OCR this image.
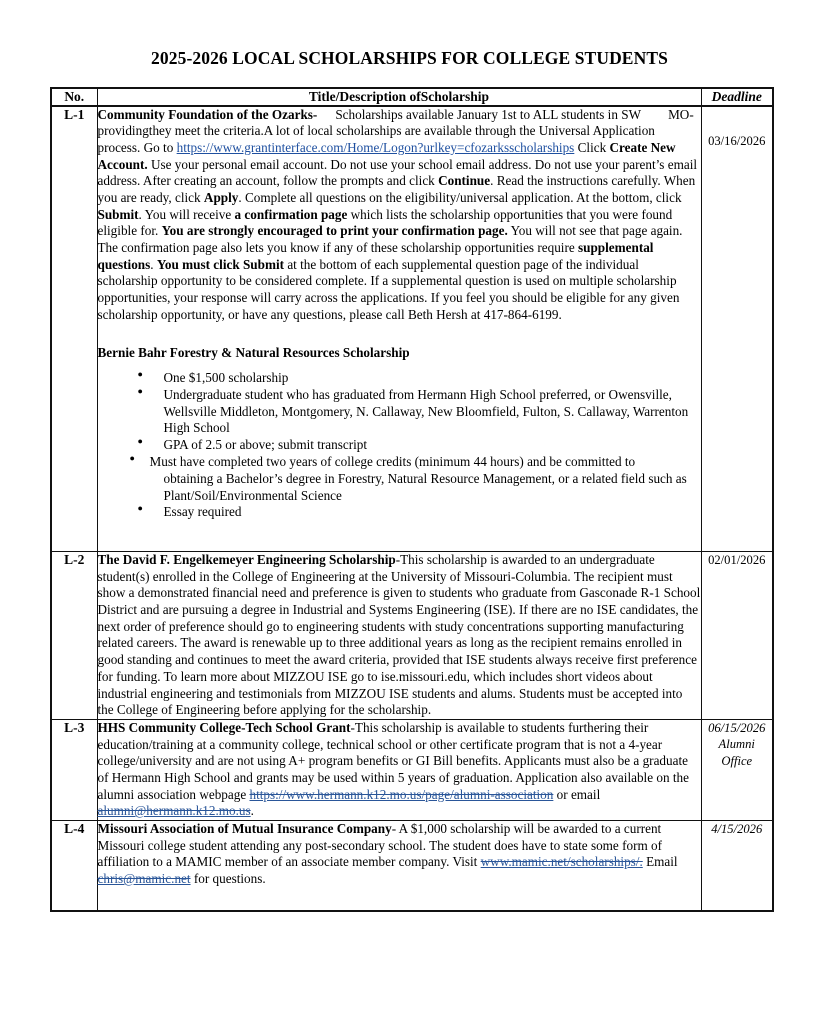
2025-2026 LOCAL SCHOLARSHIPS FOR COLLEGE STUDENTS
No.	Title/Description ofScholarship	Deadline
L-1	Community Foundation of the Ozarks- Scholarships available January 1st to ALL students in SW MO-providingthey meet the criteria.A lot of local scholarships are available through the Universal Application process. Go to https://www.grantinterface.com/Home/Logon?urlkey=cfozarksscholarships Click Create New Account. Use your personal email account. Do not use your school email address. Do not use your parent’s email address. After creating an account, follow the prompts and click Continue. Read the instructions carefully. When you are ready, click Apply. Complete all questions on the eligibility/universal application. At the bottom, click Submit. You will receive a confirmation page which lists the scholarship opportunities that you were found eligible for. You are strongly encouraged to print your confirmation page. You will not see that page again. The confirmation page also lets you know if any of these scholarship opportunities require supplemental questions. You must click Submit at the bottom of each supplemental question page of the individual scholarship opportunity to be considered complete. If a supplemental question is used on multiple scholarship opportunities, your response will carry across the applications. If you feel you should be eligible for any given scholarship opportunity, or have any questions, please call Beth Hersh at 417-864-6199.
Bernie Bahr Forestry & Natural Resources Scholarship
● One $1,500 scholarship
● Undergraduate student who has graduated from Hermann High School preferred, or Owensville, Wellsville Middleton, Montgomery, N. Callaway, New Bloomfield, Fulton, S. Callaway, Warrenton High School
● GPA of 2.5 or above; submit transcript
● Must have completed two years of college credits (minimum 44 hours) and be committed to
obtaining a Bachelor’s degree in Forestry, Natural Resource Management, or a related field such as Plant/Soil/Environmental Science
● Essay required
	03/16/2026
L-2	The David F. Engelkemeyer Engineering Scholarship-This scholarship is awarded to an undergraduate student(s) enrolled in the College of Engineering at the University of Missouri-Columbia. The recipient must show a demonstrated financial need and preference is given to students who graduate from Gasconade R-1 School District and are pursuing a degree in Industrial and Systems Engineering (ISE). If there are no ISE candidates, the next order of preference should go to engineering students with study concentrations supporting manufacturing related careers. The award is renewable up to three additional years as long as the recipient remains enrolled in good standing and continues to meet the award criteria, provided that ISE students always receive first preference for funding. To learn more about MIZZOU ISE go to ise.missouri.edu, which includes short videos about industrial engineering and testimonials from MIZZOU ISE students and alums. Students must be accepted into the College of Engineering before applying for the scholarship.	02/01/2026
L-3	HHS Community College-Tech School Grant-This scholarship is available to students furthering their education/training at a community college, technical school or other certificate program that is not a 4-year college/university and are not using A+ program benefits or GI Bill benefits. Applicants must also be a graduate of Hermann High School and grants may be used within 5 years of graduation. Application also available on the alumni association webpage https://www.hermann.k12.mo.us/page/alumni-association or email alumni@hermann.k12.mo.us.
	06/15/2026
Alumni
Office
L-4	Missouri Association of Mutual Insurance Company- A $1,000 scholarship will be awarded to a current Missouri college student attending any post-secondary school. The student does have to state some form of affiliation to a MAMIC member of an associate member company. Visit www.mamic.net/scholarships/. Email chris@mamic.net for questions.	4/15/2026
